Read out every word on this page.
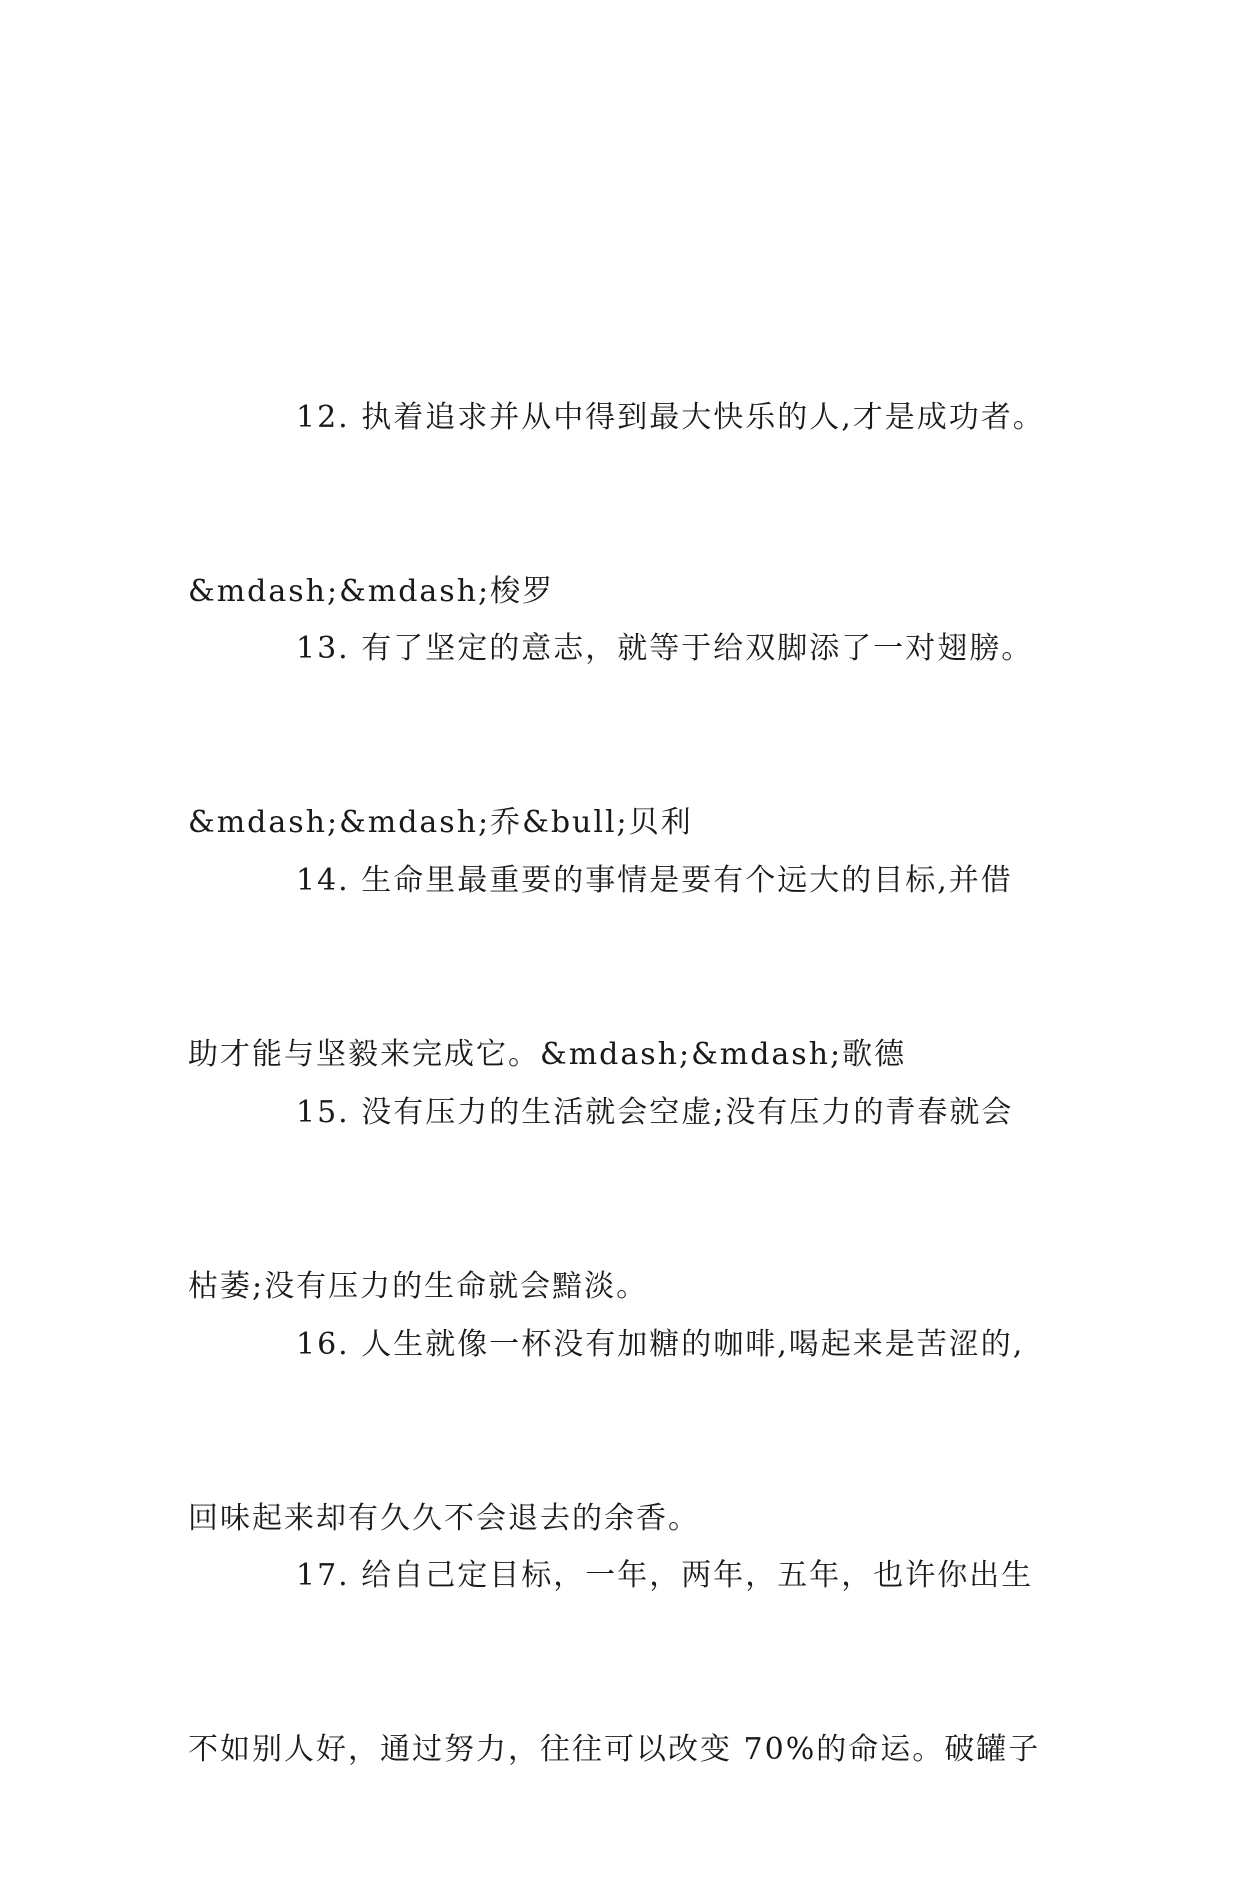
12. 执着追求并从中得到最大快乐的人,才是成功者。

&mdash;&mdash;梭罗

13. 有了坚定的意志，就等于给双脚添了一对翅膀。

&mdash;&mdash;乔&bull;贝利

14. 生命里最重要的事情是要有个远大的目标,并借

助才能与坚毅来完成它。&mdash;&mdash;歌德

15. 没有压力的生活就会空虚;没有压力的青春就会

枯萎;没有压力的生命就会黯淡。

16. 人生就像一杯没有加糖的咖啡,喝起来是苦涩的,

回味起来却有久久不会退去的余香。

17. 给自己定目标，一年，两年，五年，也许你出生

不如别人好，通过努力，往往可以改变 70%的命运。破罐子
